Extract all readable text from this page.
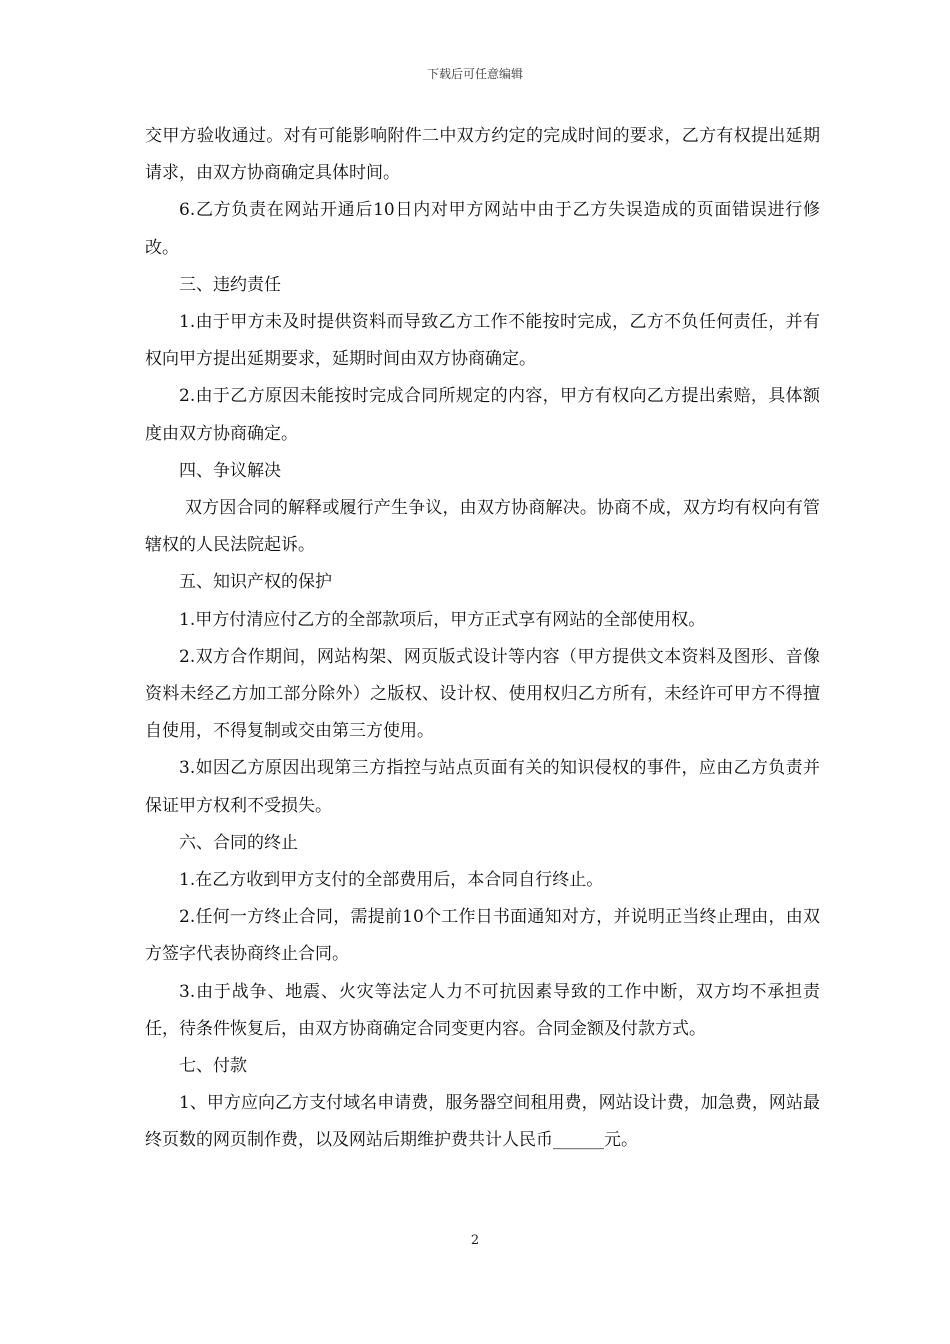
下载后可任意编辑

交甲方验收通过。对有可能影响附件二中双方约定的完成时间的要求，乙方有权提出延期请求，由双方协商确定具体时间。

6.乙方负责在网站开通后10日内对甲方网站中由于乙方失误造成的页面错误进行修改。

三、违约责任

1.由于甲方未及时提供资料而导致乙方工作不能按时完成，乙方不负任何责任，并有权向甲方提出延期要求，延期时间由双方协商确定。

2.由于乙方原因未能按时完成合同所规定的内容，甲方有权向乙方提出索赔，具体额度由双方协商确定。

四、争议解决

双方因合同的解释或履行产生争议，由双方协商解决。协商不成，双方均有权向有管辖权的人民法院起诉。

五、知识产权的保护

1.甲方付清应付乙方的全部款项后，甲方正式享有网站的全部使用权。

2.双方合作期间，网站构架、网页版式设计等内容（甲方提供文本资料及图形、音像资料未经乙方加工部分除外）之版权、设计权、使用权归乙方所有，未经许可甲方不得擅自使用，不得复制或交由第三方使用。

3.如因乙方原因出现第三方指控与站点页面有关的知识侵权的事件，应由乙方负责并保证甲方权利不受损失。

六、合同的终止

1.在乙方收到甲方支付的全部费用后，本合同自行终止。

2.任何一方终止合同，需提前10个工作日书面通知对方，并说明正当终止理由，由双方签字代表协商终止合同。

3.由于战争、地震、火灾等法定人力不可抗因素导致的工作中断，双方均不承担责任，待条件恢复后，由双方协商确定合同变更内容。合同金额及付款方式。

七、付款

1、甲方应向乙方支付域名申请费，服务器空间租用费，网站设计费，加急费，网站最终页数的网页制作费，以及网站后期维护费共计人民币______元。

2
